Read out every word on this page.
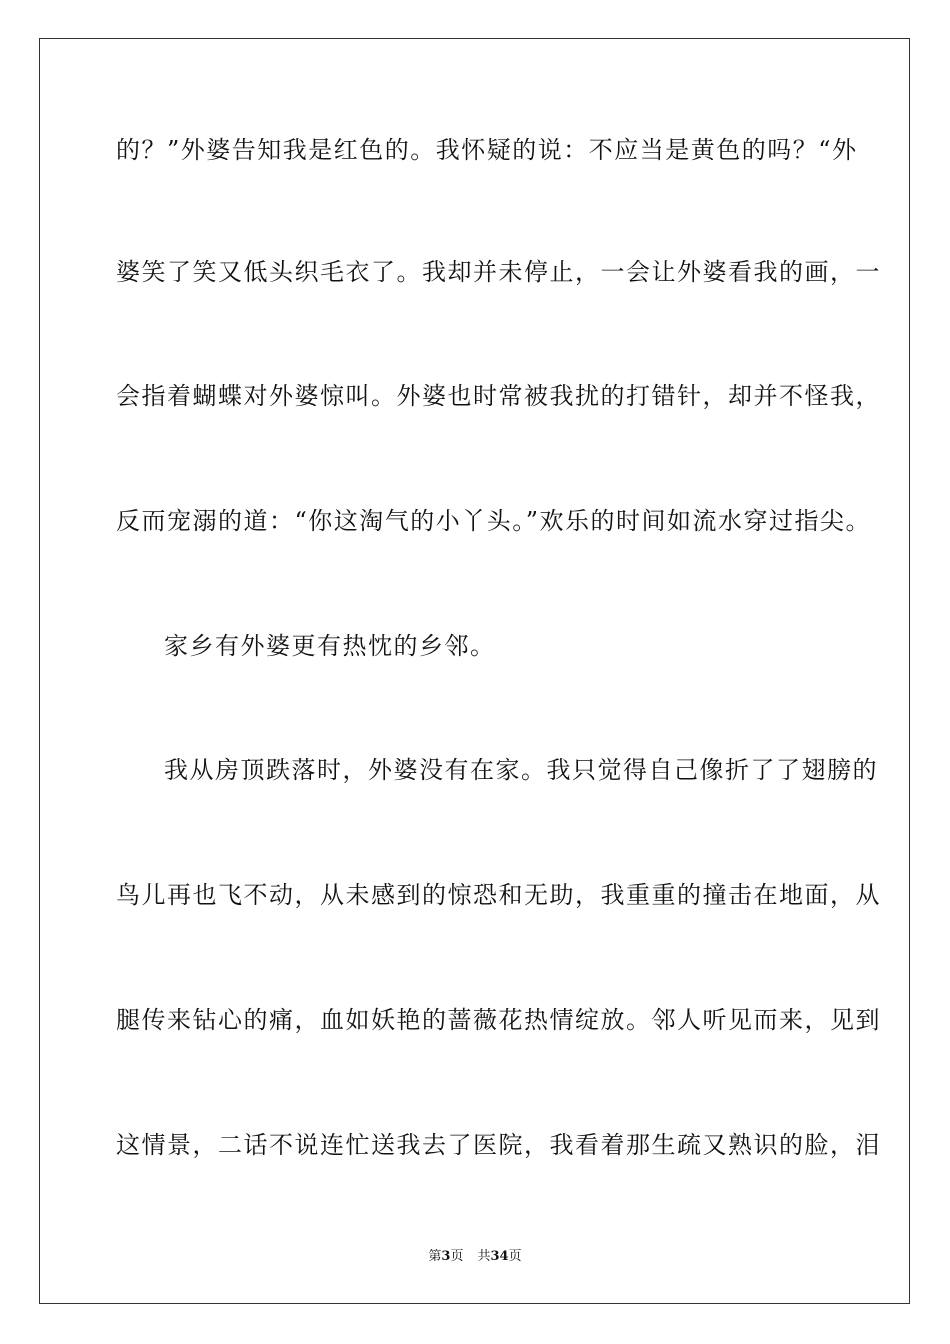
的？”外婆告知我是红色的。我怀疑的说：不应当是黄色的吗？“外
婆笑了笑又低头织毛衣了。我却并未停止，一会让外婆看我的画，一
会指着蝴蝶对外婆惊叫。外婆也时常被我扰的打错针，却并不怪我，
反而宠溺的道：“你这淘气的小丫头。”欢乐的时间如流水穿过指尖。
家乡有外婆更有热忱的乡邻。
我从房顶跌落时，外婆没有在家。我只觉得自己像折了了翅膀的
鸟儿再也飞不动，从未感到的惊恐和无助，我重重的撞击在地面，从
腿传来钻心的痛，血如妖艳的蔷薇花热情绽放。邻人听见而来，见到
这情景，二话不说连忙送我去了医院，我看着那生疏又熟识的脸，泪
第3页 共34页
